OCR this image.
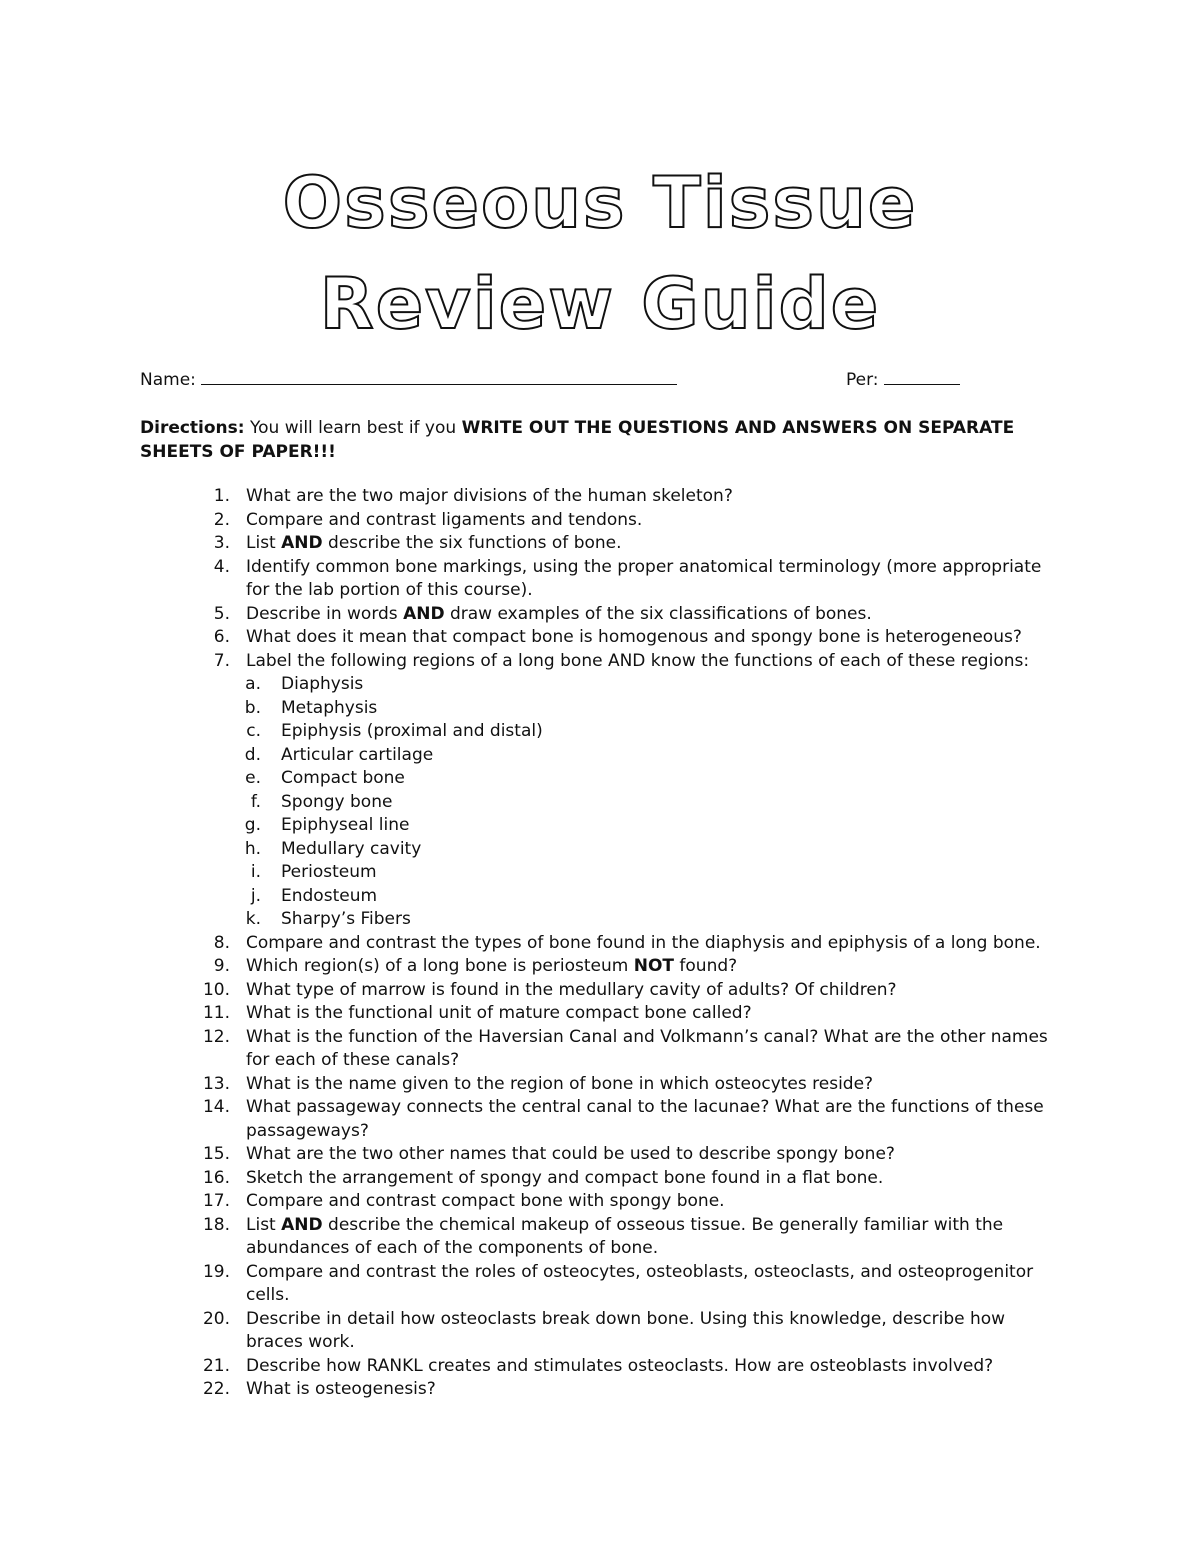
Osseous Tissue
Review Guide
Name:	Per:
Directions: You will learn best if you WRITE OUT THE QUESTIONS AND ANSWERS ON SEPARATE SHEETS OF PAPER!!!
1. What are the two major divisions of the human skeleton?
2. Compare and contrast ligaments and tendons.
3. List AND describe the six functions of bone.
4. Identify common bone markings, using the proper anatomical terminology (more appropriate
for the lab portion of this course).
5. Describe in words AND draw examples of the six classifications of bones.
6. What does it mean that compact bone is homogenous and spongy bone is heterogeneous?
7. Label the following regions of a long bone AND know the functions of each of these regions:
a. Diaphysis
b. Metaphysis
c. Epiphysis (proximal and distal)
d. Articular cartilage
e. Compact bone
f. Spongy bone
g. Epiphyseal line
h. Medullary cavity
i. Periosteum
j. Endosteum
k. Sharpy’s Fibers
8. Compare and contrast the types of bone found in the diaphysis and epiphysis of a long bone.
9. Which region(s) of a long bone is periosteum NOT found?
10. What type of marrow is found in the medullary cavity of adults? Of children?
11. What is the functional unit of mature compact bone called?
12. What is the function of the Haversian Canal and Volkmann’s canal? What are the other names
for each of these canals?
13. What is the name given to the region of bone in which osteocytes reside?
14. What passageway connects the central canal to the lacunae? What are the functions of these
passageways?
15. What are the two other names that could be used to describe spongy bone?
16. Sketch the arrangement of spongy and compact bone found in a flat bone.
17. Compare and contrast compact bone with spongy bone.
18. List AND describe the chemical makeup of osseous tissue. Be generally familiar with the
abundances of each of the components of bone.
19. Compare and contrast the roles of osteocytes, osteoblasts, osteoclasts, and osteoprogenitor
cells.
20. Describe in detail how osteoclasts break down bone. Using this knowledge, describe how
braces work.
21. Describe how RANKL creates and stimulates osteoclasts. How are osteoblasts involved?
22. What is osteogenesis?
